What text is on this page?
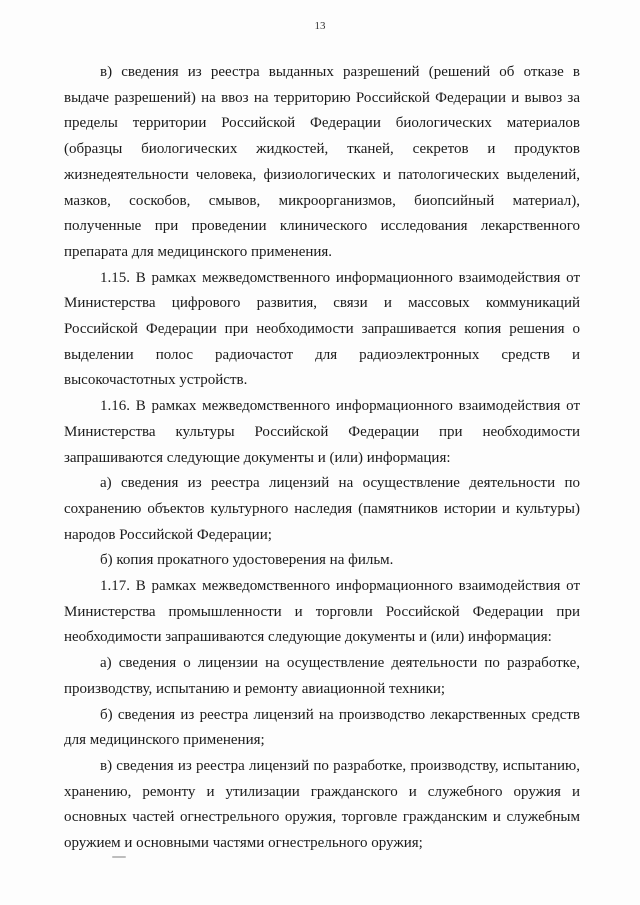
13

в) сведения из реестра выданных разрешений (решений об отказе в выдаче разрешений) на ввоз на территорию Российской Федерации и вывоз за пределы территории Российской Федерации биологических материалов (образцы биологических жидкостей, тканей, секретов и продуктов жизнедеятельности человека, физиологических и патологических выделений, мазков, соскобов, смывов, микроорганизмов, биопсийный материал), полученные при проведении клинического исследования лекарственного препарата для медицинского применения.

1.15. В рамках межведомственного информационного взаимодействия от Министерства цифрового развития, связи и массовых коммуникаций Российской Федерации при необходимости запрашивается копия решения о выделении полос радиочастот для радиоэлектронных средств и высокочастотных устройств.

1.16. В рамках межведомственного информационного взаимодействия от Министерства культуры Российской Федерации при необходимости запрашиваются следующие документы и (или) информация:

а) сведения из реестра лицензий на осуществление деятельности по сохранению объектов культурного наследия (памятников истории и культуры) народов Российской Федерации;

б) копия прокатного удостоверения на фильм.

1.17. В рамках межведомственного информационного взаимодействия от Министерства промышленности и торговли Российской Федерации при необходимости запрашиваются следующие документы и (или) информация:

а) сведения о лицензии на осуществление деятельности по разработке, производству, испытанию и ремонту авиационной техники;

б) сведения из реестра лицензий на производство лекарственных средств для медицинского применения;

в) сведения из реестра лицензий по разработке, производству, испытанию, хранению, ремонту и утилизации гражданского и служебного оружия и основных частей огнестрельного оружия, торговле гражданским и служебным оружием и основными частями огнестрельного оружия;
